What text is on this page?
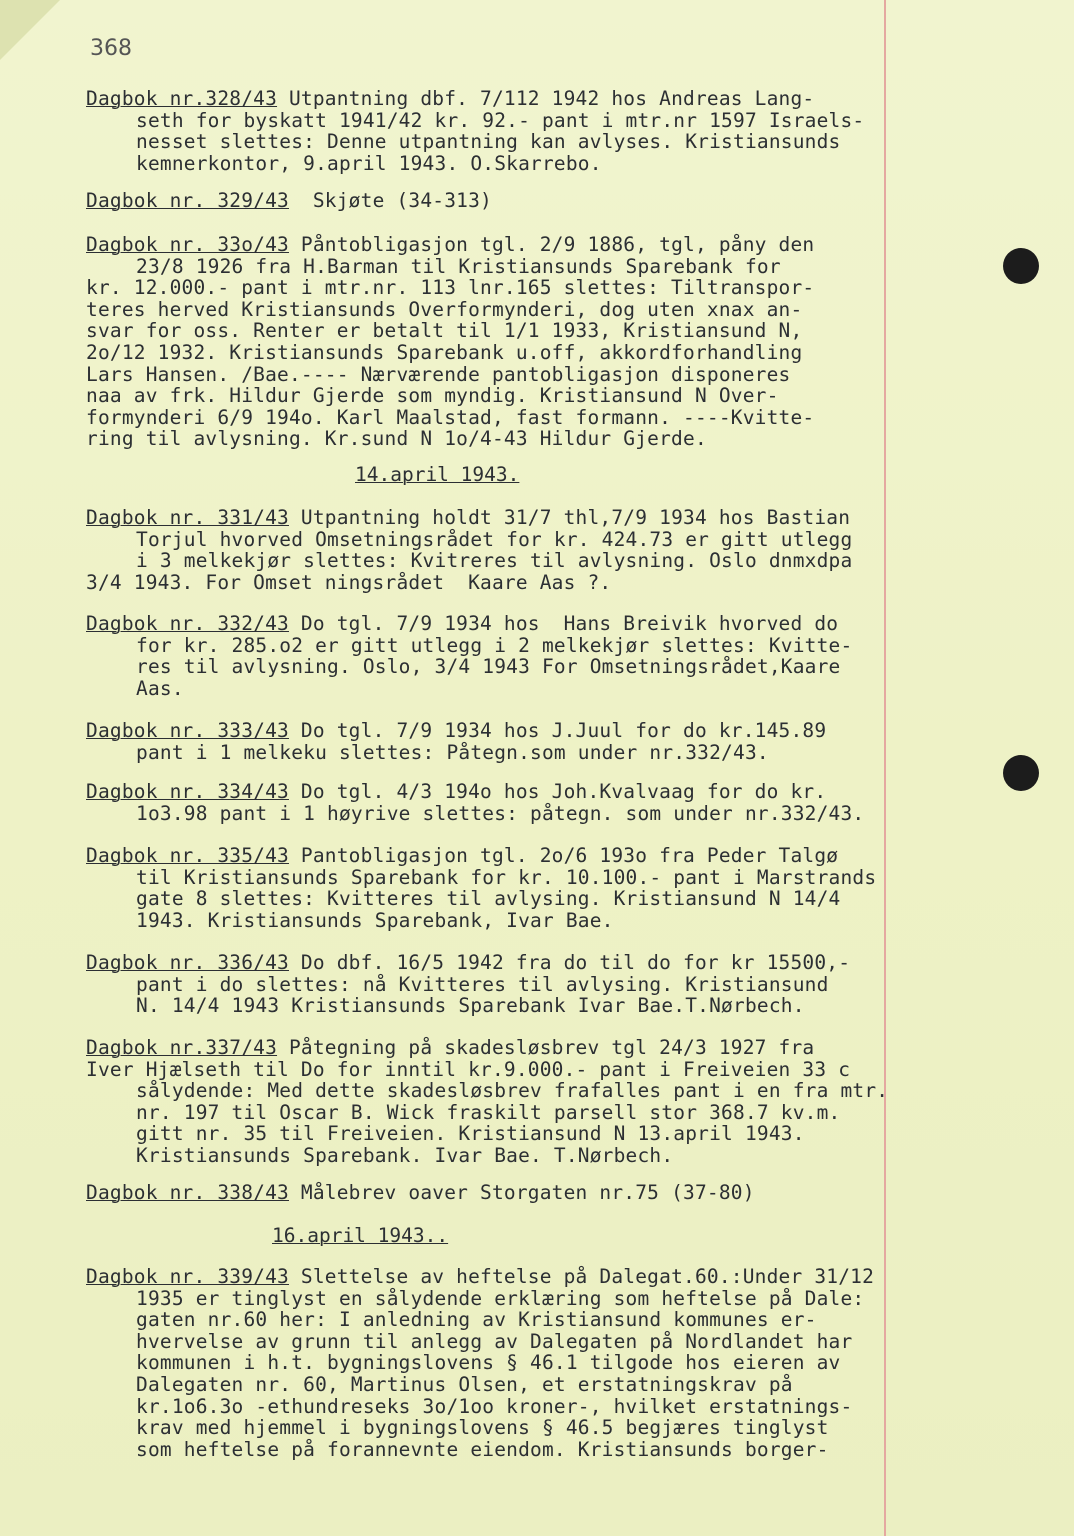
368
Dagbok nr.328/43 Utpantning dbf. 7/112 1942 hos Andreas Lang-
seth for byskatt 1941/42 kr. 92.- pant i mtr.nr 1597 Israels-
nesset slettes: Denne utpantning kan avlyses. Kristiansunds
kemnerkontor, 9.april 1943. O.Skarrebo.
Dagbok nr. 329/43  Skjøte (34-313)
Dagbok nr. 33o/43 Påntobligasjon tgl. 2/9 1886, tgl, påny den
23/8 1926 fra H.Barman til Kristiansunds Sparebank for
kr. 12.000.- pant i mtr.nr. 113 lnr.165 slettes: Tiltranspor-
teres herved Kristiansunds Overformynderi, dog uten xnax an-
svar for oss. Renter er betalt til 1/1 1933, Kristiansund N,
2o/12 1932. Kristiansunds Sparebank u.off, akkordforhandling
Lars Hansen. /Bae.---- Nærværende pantobligasjon disponeres
naa av frk. Hildur Gjerde som myndig. Kristiansund N Over-
formynderi 6/9 194o. Karl Maalstad, fast formann. ----Kvitte-
ring til avlysning. Kr.sund N 1o/4-43 Hildur Gjerde.
14.april 1943.
Dagbok nr. 331/43 Utpantning holdt 31/7 thl,7/9 1934 hos Bastian
Torjul hvorved Omsetningsrådet for kr. 424.73 er gitt utlegg
i 3 melkekjør slettes: Kvitreres til avlysning. Oslo dnmxdpa
3/4 1943. For Omset ningsrådet  Kaare Aas ?.
Dagbok nr. 332/43 Do tgl. 7/9 1934 hos  Hans Breivik hvorved do
for kr. 285.o2 er gitt utlegg i 2 melkekjør slettes: Kvitte-
res til avlysning. Oslo, 3/4 1943 For Omsetningsrådet,Kaare
Aas.
Dagbok nr. 333/43 Do tgl. 7/9 1934 hos J.Juul for do kr.145.89
pant i 1 melkeku slettes: Påtegn.som under nr.332/43.
Dagbok nr. 334/43 Do tgl. 4/3 194o hos Joh.Kvalvaag for do kr.
1o3.98 pant i 1 høyrive slettes: påtegn. som under nr.332/43.
Dagbok nr. 335/43 Pantobligasjon tgl. 2o/6 193o fra Peder Talgø
til Kristiansunds Sparebank for kr. 10.100.- pant i Marstrands
gate 8 slettes: Kvitteres til avlysing. Kristiansund N 14/4
1943. Kristiansunds Sparebank, Ivar Bae.
Dagbok nr. 336/43 Do dbf. 16/5 1942 fra do til do for kr 15500,-
pant i do slettes: nå Kvitteres til avlysing. Kristiansund
N. 14/4 1943 Kristiansunds Sparebank Ivar Bae.T.Nørbech.
Dagbok nr.337/43 Påtegning på skadesløsbrev tgl 24/3 1927 fra
Iver Hjælseth til Do for inntil kr.9.000.- pant i Freiveien 33 c
sålydende: Med dette skadesløsbrev frafalles pant i en fra mtr.
nr. 197 til Oscar B. Wick fraskilt parsell stor 368.7 kv.m.
gitt nr. 35 til Freiveien. Kristiansund N 13.april 1943.
Kristiansunds Sparebank. Ivar Bae. T.Nørbech.
Dagbok nr. 338/43 Målebrev oaver Storgaten nr.75 (37-80)
16.april 1943..
Dagbok nr. 339/43 Slettelse av heftelse på Dalegat.60.:Under 31/12
1935 er tinglyst en sålydende erklæring som heftelse på Dale:
gaten nr.60 her: I anledning av Kristiansund kommunes er-
hvervelse av grunn til anlegg av Dalegaten på Nordlandet har
kommunen i h.t. bygningslovens § 46.1 tilgode hos eieren av
Dalegaten nr. 60, Martinus Olsen, et erstatningskrav på
kr.1o6.3o -ethundreseks 3o/1oo kroner-, hvilket erstatnings-
krav med hjemmel i bygningslovens § 46.5 begjæres tinglyst
som heftelse på forannevnte eiendom. Kristiansunds borger-
